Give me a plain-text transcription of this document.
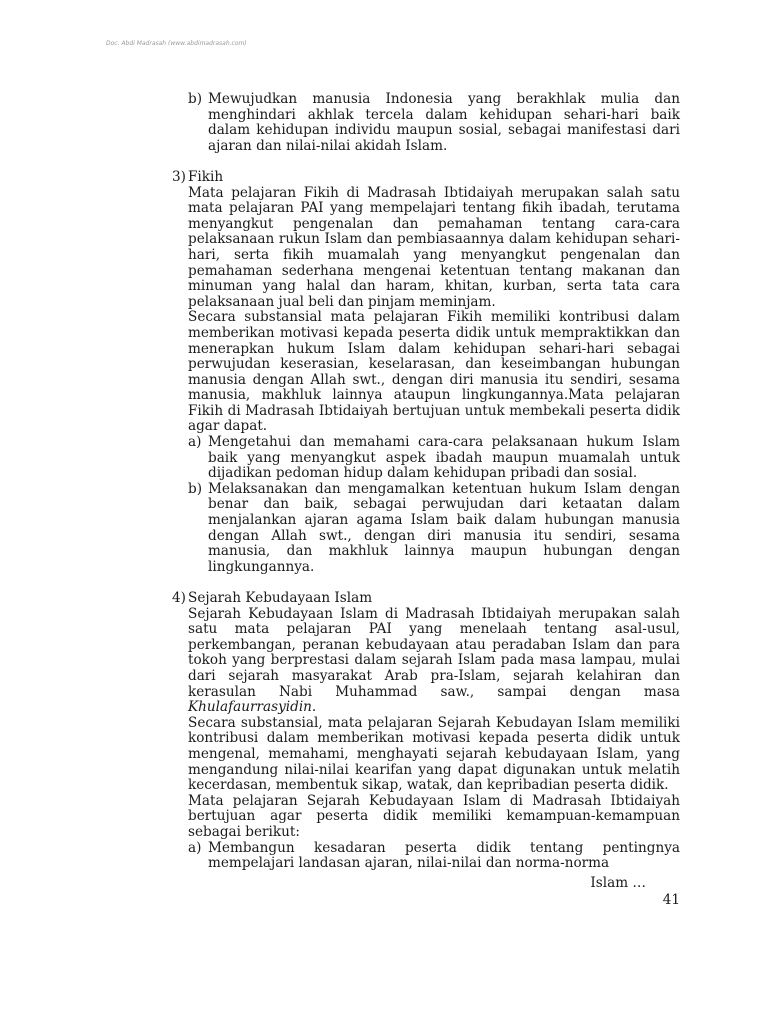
Doc. Abdi Madrasah (www.abdimadrasah.com)
b) Mewujudkan manusia Indonesia yang berakhlak mulia dan menghindari akhlak tercela dalam kehidupan sehari-hari baik dalam kehidupan individu maupun sosial, sebagai manifestasi dari ajaran dan nilai-nilai akidah Islam.
3) Fikih
Mata pelajaran Fikih di Madrasah Ibtidaiyah merupakan salah satu mata pelajaran PAI yang mempelajari tentang fikih ibadah, terutama menyangkut pengenalan dan pemahaman tentang cara-cara pelaksanaan rukun Islam dan pembiasaannya dalam kehidupan sehari-hari, serta fikih muamalah yang menyangkut pengenalan dan pemahaman sederhana mengenai ketentuan tentang makanan dan minuman yang halal dan haram, khitan, kurban, serta tata cara pelaksanaan jual beli dan pinjam meminjam.
Secara substansial mata pelajaran Fikih memiliki kontribusi dalam memberikan motivasi kepada peserta didik untuk mempraktikkan dan menerapkan hukum Islam dalam kehidupan sehari-hari sebagai perwujudan keserasian, keselarasan, dan keseimbangan hubungan manusia dengan Allah swt., dengan diri manusia itu sendiri, sesama manusia, makhluk lainnya ataupun lingkungannya.Mata pelajaran Fikih di Madrasah Ibtidaiyah bertujuan untuk membekali peserta didik agar dapat.
a) Mengetahui dan memahami cara-cara pelaksanaan hukum Islam baik yang menyangkut aspek ibadah maupun muamalah untuk dijadikan pedoman hidup dalam kehidupan pribadi dan sosial.
b) Melaksanakan dan mengamalkan ketentuan hukum Islam dengan benar dan baik, sebagai perwujudan dari ketaatan dalam menjalankan ajaran agama Islam baik dalam hubungan manusia dengan Allah swt., dengan diri manusia itu sendiri, sesama manusia, dan makhluk lainnya maupun hubungan dengan lingkungannya.
4) Sejarah Kebudayaan Islam
Sejarah Kebudayaan Islam di Madrasah Ibtidaiyah merupakan salah satu mata pelajaran PAI yang menelaah tentang asal-usul, perkembangan, peranan kebudayaan atau peradaban Islam dan para tokoh yang berprestasi dalam sejarah Islam pada masa lampau, mulai dari sejarah masyarakat Arab pra-Islam, sejarah kelahiran dan kerasulan Nabi Muhammad saw., sampai dengan masa Khulafaurrasyidin.
Secara substansial, mata pelajaran Sejarah Kebudayan Islam memiliki kontribusi dalam memberikan motivasi kepada peserta didik untuk mengenal, memahami, menghayati sejarah kebudayaan Islam, yang mengandung nilai-nilai kearifan yang dapat digunakan untuk melatih kecerdasan, membentuk sikap, watak, dan kepribadian peserta didik.
Mata pelajaran Sejarah Kebudayaan Islam di Madrasah Ibtidaiyah bertujuan agar peserta didik memiliki kemampuan-kemampuan sebagai berikut:
a) Membangun kesadaran peserta didik tentang pentingnya mempelajari landasan ajaran, nilai-nilai dan norma-norma
Islam …
41
